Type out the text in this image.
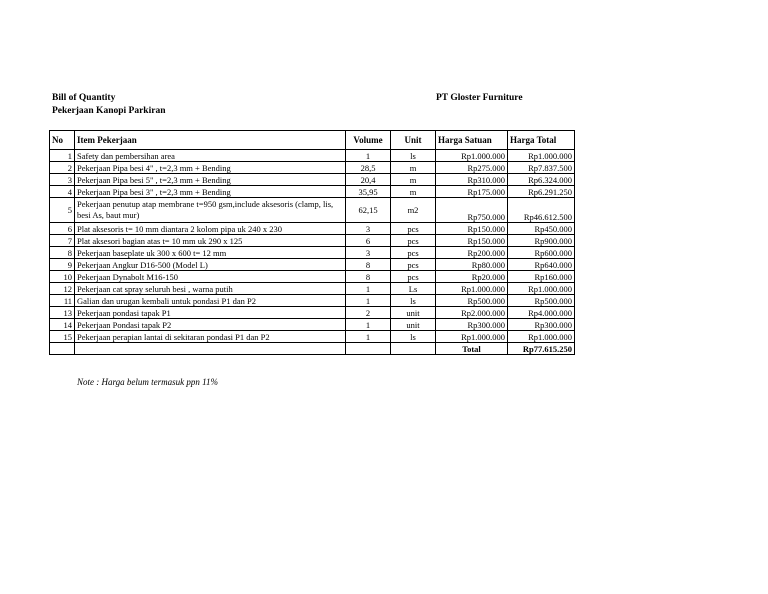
Bill of Quantity
Pekerjaan Kanopi Parkiran
PT Gloster Furniture
No	Item Pekerjaan	Volume	Unit	Harga Satuan	Harga Total
1	Safety dan pembersihan area	1	ls	Rp1.000.000	Rp1.000.000
2	Pekerjaan Pipa besi 4" , t=2,3 mm + Bending	28,5	m	Rp275.000	Rp7.837.500
3	Pekerjaan Pipa besi 5" , t=2,3 mm + Bending	20,4	m	Rp310.000	Rp6.324.000
4	Pekerjaan Pipa besi 3" , t=2,3 mm + Bending	35,95	m	Rp175.000	Rp6.291.250
5	Pekerjaan penutup atap membrane t=950 gsm,include aksesoris (clamp, lis, besi As, baut mur)	62,15	m2	Rp750.000	Rp46.612.500
6	Plat aksesoris t= 10 mm diantara 2 kolom pipa uk 240 x 230	3	pcs	Rp150.000	Rp450.000
7	Plat aksesori bagian atas t= 10 mm uk 290 x 125	6	pcs	Rp150.000	Rp900.000
8	Pekerjaan baseplate uk 300 x 600 t= 12 mm	3	pcs	Rp200.000	Rp600.000
9	Pekerjaan Angkur D16-500 (Model L)	8	pcs	Rp80.000	Rp640.000
10	Pekerjaan Dynabolt M16-150	8	pcs	Rp20.000	Rp160.000
12	Pekerjaan cat spray seluruh besi , warna putih	1	Ls	Rp1.000.000	Rp1.000.000
11	Galian dan urugan kembali untuk pondasi P1 dan P2	1	ls	Rp500.000	Rp500.000
13	Pekerjaan pondasi tapak P1	2	unit	Rp2.000.000	Rp4.000.000
14	Pekerjaan Pondasi tapak P2	1	unit	Rp300.000	Rp300.000
15	Pekerjaan perapian lantai di sekitaran pondasi P1 dan P2	1	ls	Rp1.000.000	Rp1.000.000
				Total	Rp77.615.250
Note : Harga belum termasuk ppn 11%
